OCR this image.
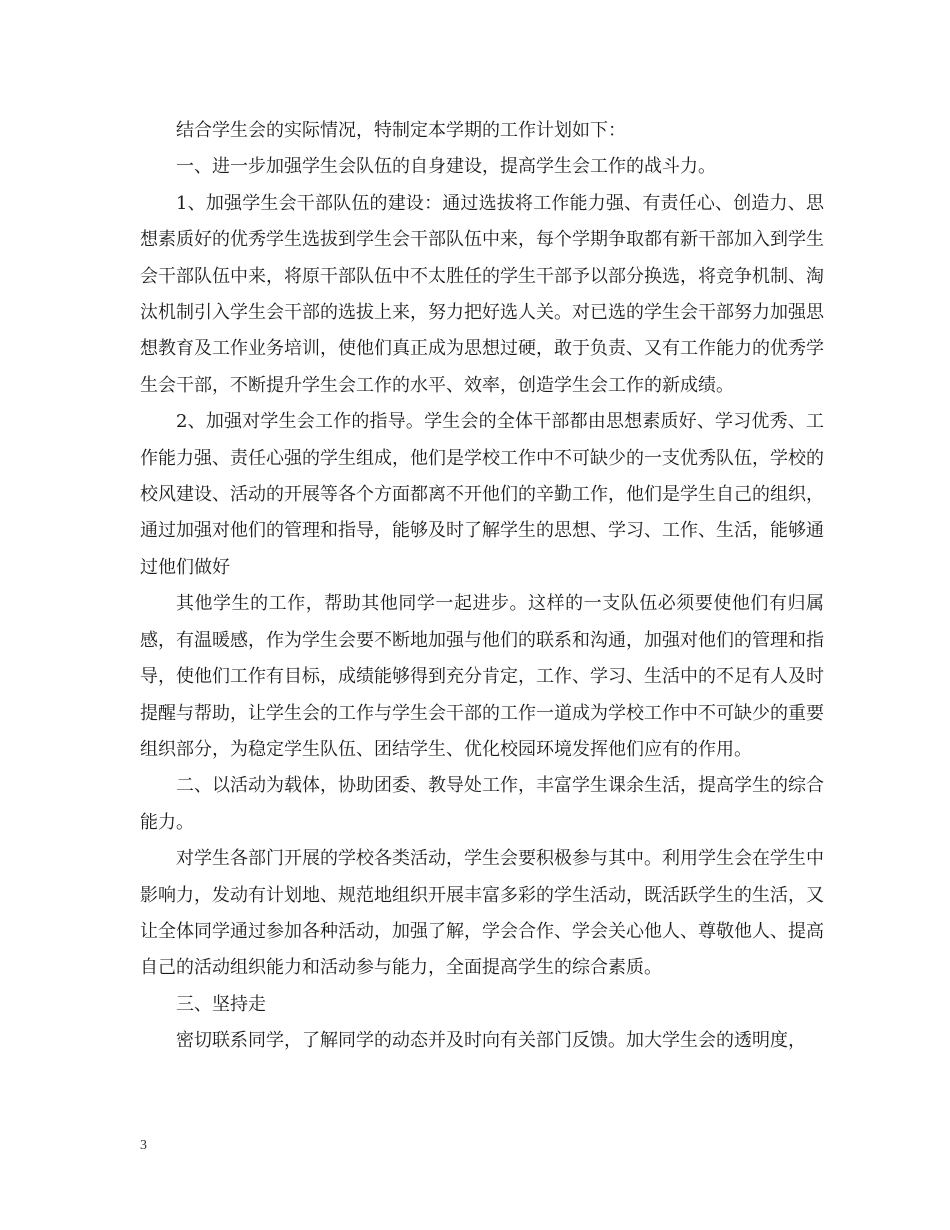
结合学生会的实际情况，特制定本学期的工作计划如下：

一、进一步加强学生会队伍的自身建设，提高学生会工作的战斗力。

1、加强学生会干部队伍的建设：通过选拔将工作能力强、有责任心、创造力、思想素质好的优秀学生选拔到学生会干部队伍中来，每个学期争取都有新干部加入到学生会干部队伍中来，将原干部队伍中不太胜任的学生干部予以部分换选，将竞争机制、淘汰机制引入学生会干部的选拔上来，努力把好选人关。对已选的学生会干部努力加强思想教育及工作业务培训，使他们真正成为思想过硬，敢于负责、又有工作能力的优秀学生会干部，不断提升学生会工作的水平、效率，创造学生会工作的新成绩。

2、加强对学生会工作的指导。学生会的全体干部都由思想素质好、学习优秀、工作能力强、责任心强的学生组成，他们是学校工作中不可缺少的一支优秀队伍，学校的校风建设、活动的开展等各个方面都离不开他们的辛勤工作，他们是学生自己的组织，通过加强对他们的管理和指导，能够及时了解学生的思想、学习、工作、生活，能够通过他们做好

其他学生的工作，帮助其他同学一起进步。这样的一支队伍必须要使他们有归属感，有温暖感，作为学生会要不断地加强与他们的联系和沟通，加强对他们的管理和指导，使他们工作有目标，成绩能够得到充分肯定，工作、学习、生活中的不足有人及时提醒与帮助，让学生会的工作与学生会干部的工作一道成为学校工作中不可缺少的重要组织部分，为稳定学生队伍、团结学生、优化校园环境发挥他们应有的作用。

二、以活动为载体，协助团委、教导处工作，丰富学生课余生活，提高学生的综合能力。

对学生各部门开展的学校各类活动，学生会要积极参与其中。利用学生会在学生中影响力，发动有计划地、规范地组织开展丰富多彩的学生活动，既活跃学生的生活，又让全体同学通过参加各种活动，加强了解，学会合作、学会关心他人、尊敬他人、提高自己的活动组织能力和活动参与能力，全面提高学生的综合素质。

三、坚持走

密切联系同学，了解同学的动态并及时向有关部门反馈。加大学生会的透明度，

3
